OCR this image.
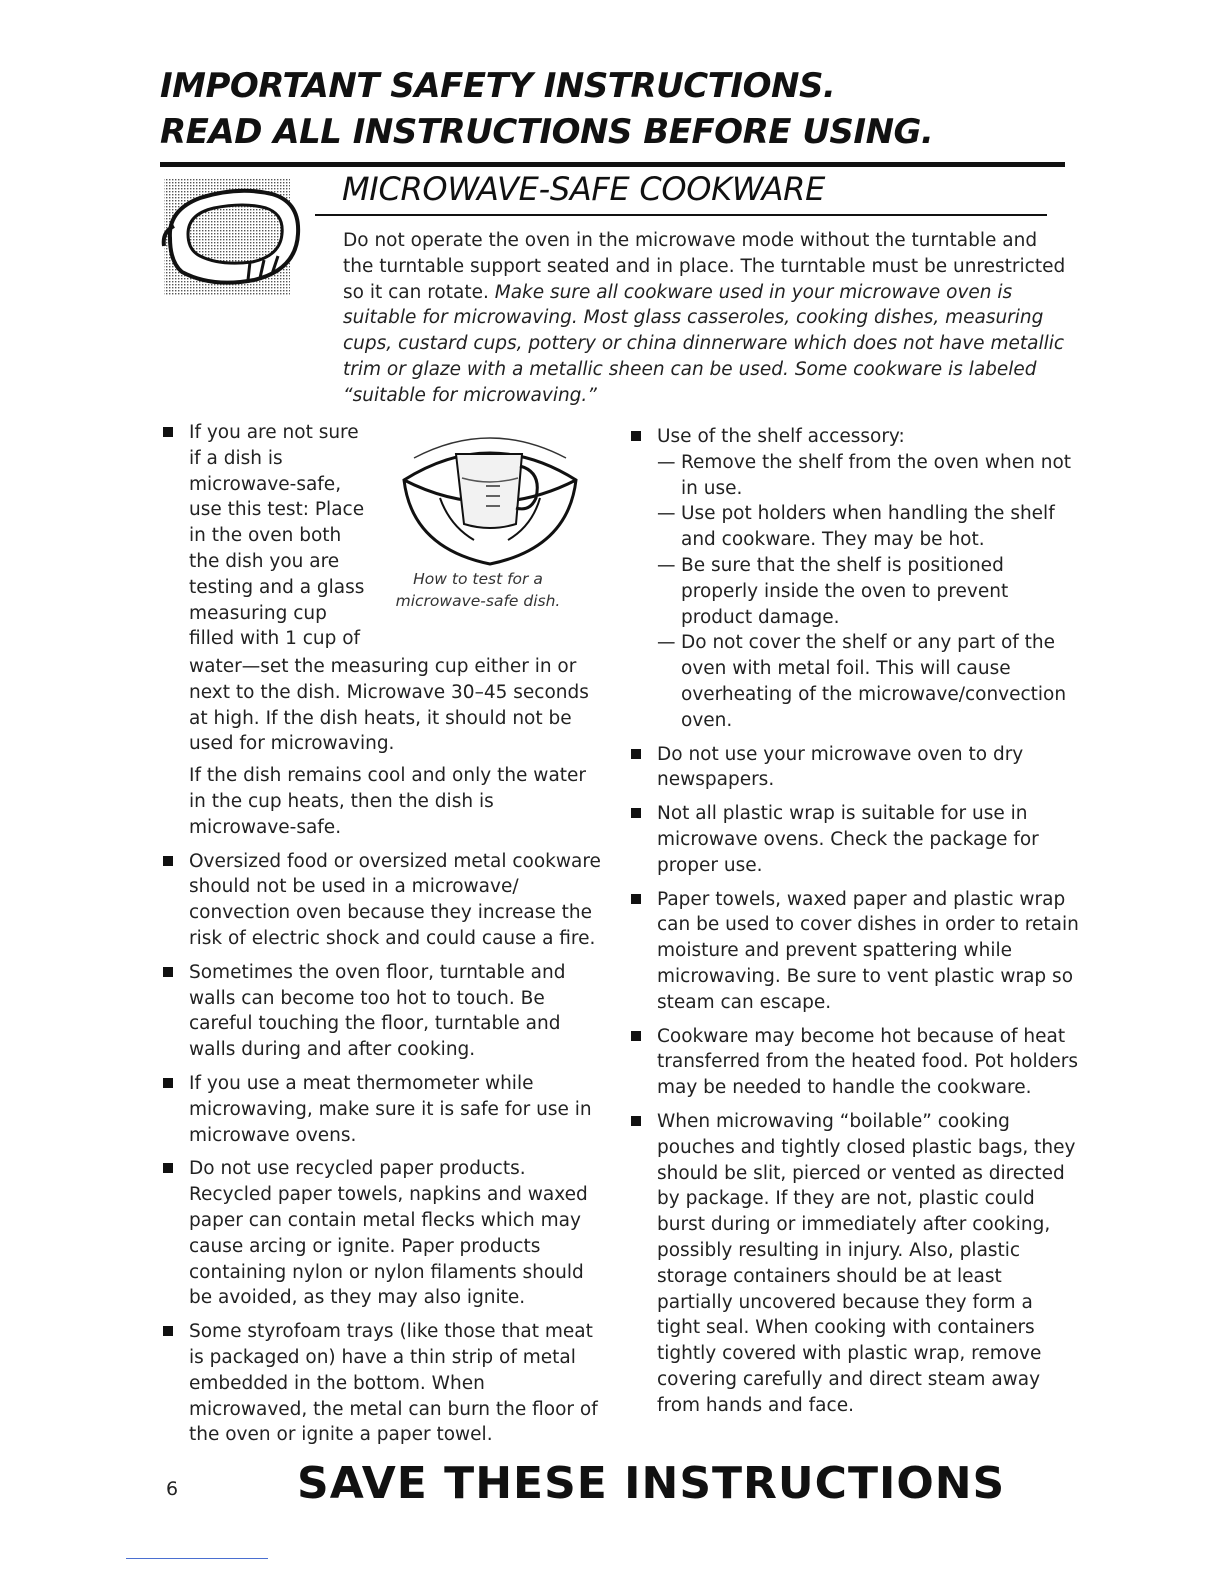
IMPORTANT SAFETY INSTRUCTIONS.
READ ALL INSTRUCTIONS BEFORE USING.
MICROWAVE-SAFE COOKWARE
Do not operate the oven in the microwave mode without the turntable and the turntable support seated and in place. The turntable must be unrestricted so it can rotate. Make sure all cookware used in your microwave oven is suitable for microwaving. Most glass casseroles, cooking dishes, measuring cups, custard cups, pottery or china dinnerware which does not have metallic trim or glaze with a metallic sheen can be used. Some cookware is labeled “suitable for microwaving.”
If you are not sure if a dish is microwave-safe, use this test: Place in the oven both the dish you are testing and a glass measuring cup filled with 1 cup of

water—set the measuring cup either in or next to the dish. Microwave 30–45 seconds at high. If the dish heats, it should not be used for microwaving.

If the dish remains cool and only the water in the cup heats, then the dish is microwave-safe.

How to test for a microwave-safe dish.

Oversized food or oversized metal cookware should not be used in a microwave/ convection oven because they increase the risk of electric shock and could cause a fire.

Sometimes the oven floor, turntable and walls can become too hot to touch. Be careful touching the floor, turntable and walls during and after cooking.

If you use a meat thermometer while microwaving, make sure it is safe for use in microwave ovens.

Do not use recycled paper products. Recycled paper towels, napkins and waxed paper can contain metal flecks which may cause arcing or ignite. Paper products containing nylon or nylon filaments should be avoided, as they may also ignite.

Some styrofoam trays (like those that meat is packaged on) have a thin strip of metal embedded in the bottom. When microwaved, the metal can burn the floor of the oven or ignite a paper towel.

Use of the shelf accessory:

— Remove the shelf from the oven when not in use.
— Use pot holders when handling the shelf and cookware. They may be hot.
— Be sure that the shelf is positioned properly inside the oven to prevent product damage.
— Do not cover the shelf or any part of the oven with metal foil. This will cause overheating of the microwave/convection oven.

Do not use your microwave oven to dry newspapers.

Not all plastic wrap is suitable for use in microwave ovens. Check the package for proper use.

Paper towels, waxed paper and plastic wrap can be used to cover dishes in order to retain moisture and prevent spattering while microwaving. Be sure to vent plastic wrap so steam can escape.

Cookware may become hot because of heat transferred from the heated food. Pot holders may be needed to handle the cookware.

When microwaving “boilable” cooking pouches and tightly closed plastic bags, they should be slit, pierced or vented as directed by package. If they are not, plastic could burst during or immediately after cooking, possibly resulting in injury. Also, plastic storage containers should be at least partially uncovered because they form a tight seal. When cooking with containers tightly covered with plastic wrap, remove covering carefully and direct steam away from hands and face.

6	SAVE THESE INSTRUCTIONS
